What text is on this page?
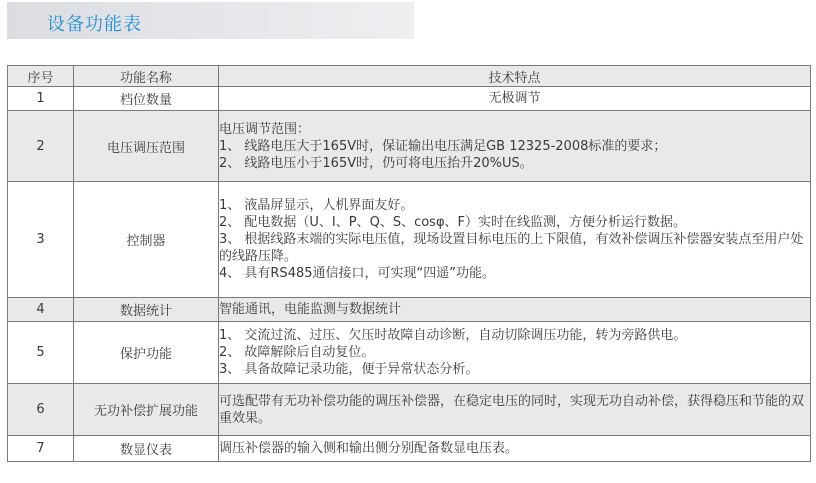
设备功能表
序号	功能名称	技术特点
1	档位数量	无极调节

2	电压调压范围	电压调节范围：
1、 线路电压大于165V时，保证输出电压满足GB 12325-2008标准的要求；
2、 线路电压小于165V时，仍可将电压抬升20%US。

3	控制器	1、 液晶屏显示，人机界面友好。
2、 配电数据（U、I、P、Q、S、cosφ、F）实时在线监测，方便分析运行数据。
3、 根据线路末端的实际电压值，现场设置目标电压的上下限值，有效补偿调压补偿器安装点至用户处的线路压降。
4、 具有RS485通信接口，可实现“四遥”功能。

4	数据统计	智能通讯，电能监测与数据统计

5	保护功能	1、 交流过流、过压、欠压时故障自动诊断，自动切除调压功能，转为旁路供电。
2、 故障解除后自动复位。
3、 具备故障记录功能，便于异常状态分析。

6	无功补偿扩展功能	可选配带有无功补偿功能的调压补偿器，在稳定电压的同时，实现无功自动补偿，获得稳压和节能的双重效果。

7	数显仪表	调压补偿器的输入侧和输出侧分别配备数显电压表。
